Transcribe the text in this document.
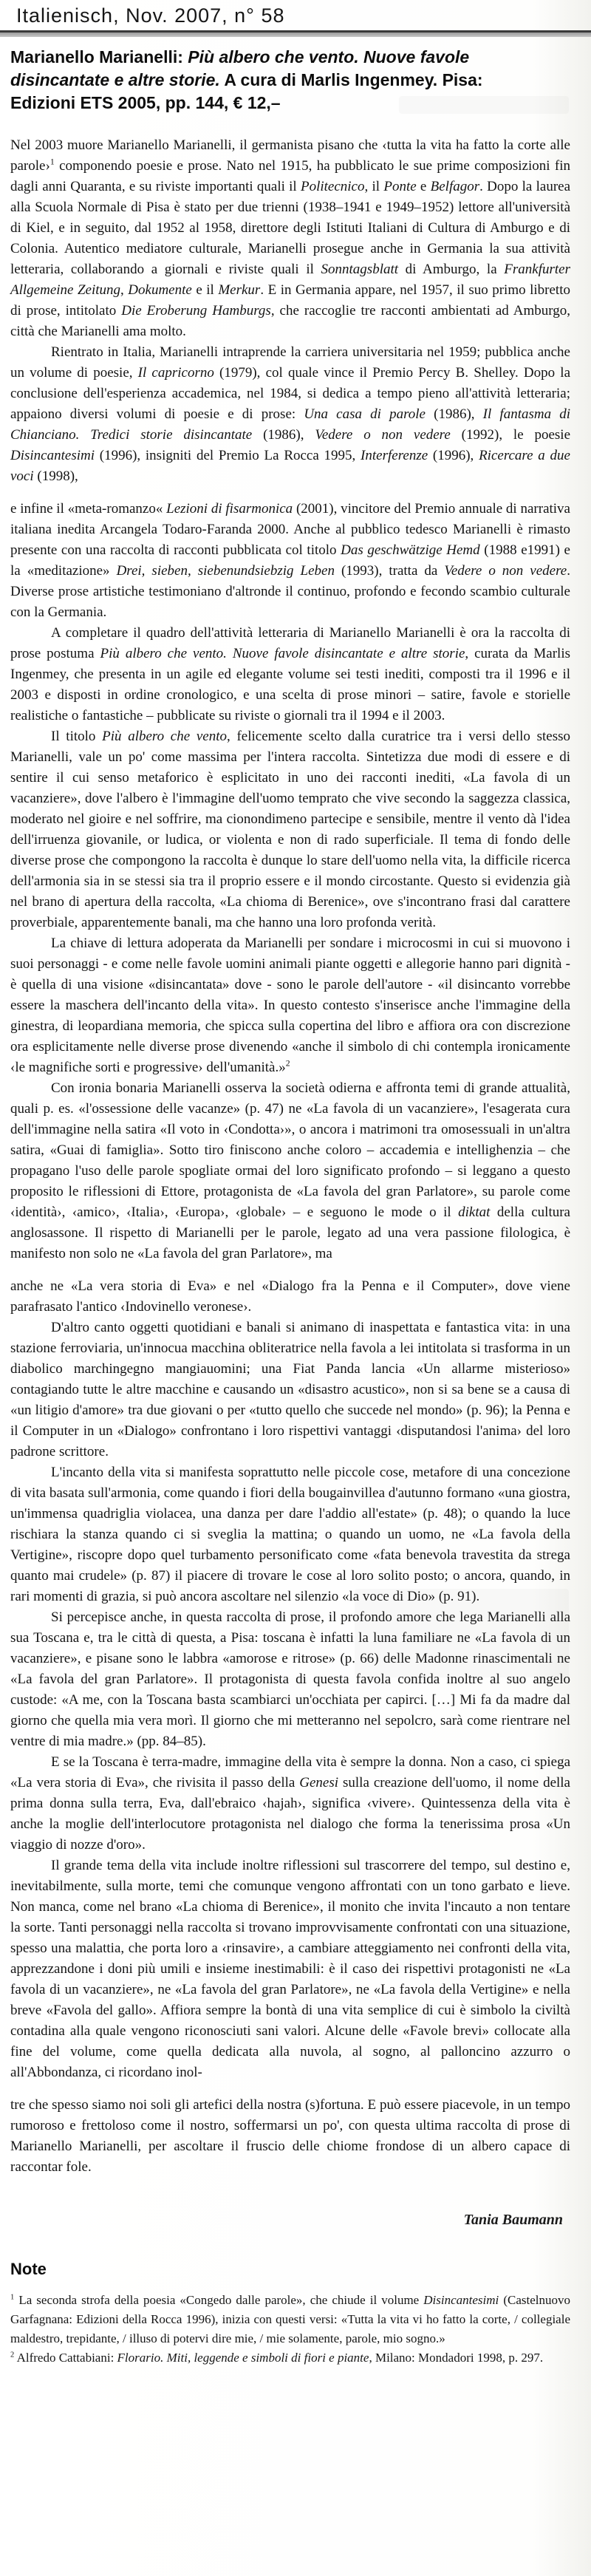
Italienisch, Nov. 2007, n° 58
Marianello Marianelli: Più albero che vento. Nuove favole disincantate e altre storie. A cura di Marlis Ingenmey. Pisa: Edizioni ETS 2005, pp. 144, € 12,–

Nel 2003 muore Marianello Marianelli, il germanista pisano che ‹tutta la vita ha fatto la corte alle parole›$^1$ componendo poesie e prose. Nato nel 1915, ha pubblicato le sue prime composizioni fin dagli anni Quaranta, e su riviste importanti quali il Politecnico, il Ponte e Belfagor. Dopo la laurea alla Scuola Normale di Pisa è stato per due trienni (1938–1941 e 1949–1952) lettore all'università di Kiel, e in seguito, dal 1952 al 1958, direttore degli Istituti Italiani di Cultura di Amburgo e di Colonia. Autentico mediatore culturale, Marianelli prosegue anche in Germania la sua attività letteraria, collaborando a giornali e riviste quali il Sonntagsblatt di Amburgo, la Frankfurter Allgemeine Zeitung, Dokumente e il Merkur. E in Germania appare, nel 1957, il suo primo libretto di prose, intitolato Die Eroberung Hamburgs, che raccoglie tre racconti ambientati ad Amburgo, città che Marianelli ama molto.

Rientrato in Italia, Marianelli intraprende la carriera universitaria nel 1959; pubblica anche un volume di poesie, Il capricorno (1979), col quale vince il Premio Percy B. Shelley. Dopo la conclusione dell'esperienza accademica, nel 1984, si dedica a tempo pieno all'attività letteraria; appaiono diversi volumi di poesie e di prose: Una casa di parole (1986), Il fantasma di Chianciano. Tredici storie disincantate (1986), Vedere o non vedere (1992), le poesie Disincantesimi (1996), insigniti del Premio La Rocca 1995, Interferenze (1996), Ricercare a due voci (1998),

e infine il «meta-romanzo« Lezioni di fisarmonica (2001), vincitore del Premio annuale di narrativa italiana inedita Arcangela Todaro-Faranda 2000. Anche al pubblico tedesco Marianelli è rimasto presente con una raccolta di racconti pubblicata col titolo Das geschwätzige Hemd (1988 e1991) e la «meditazione» Drei, sieben, siebenundsiebzig Leben (1993), tratta da Vedere o non vedere. Diverse prose artistiche testimoniano d'altronde il continuo, profondo e fecondo scambio culturale con la Germania.

A completare il quadro dell'attività letteraria di Marianello Marianelli è ora la raccolta di prose postuma Più albero che vento. Nuove favole disincantate e altre storie, curata da Marlis Ingenmey, che presenta in un agile ed elegante volume sei testi inediti, composti tra il 1996 e il 2003 e disposti in ordine cronologico, e una scelta di prose minori – satire, favole e storielle realistiche o fantastiche – pubblicate su riviste o giornali tra il 1994 e il 2003.

Il titolo Più albero che vento, felicemente scelto dalla curatrice tra i versi dello stesso Marianelli, vale un po' come massima per l'intera raccolta. Sintetizza due modi di essere e di sentire il cui senso metaforico è esplicitato in uno dei racconti inediti, «La favola di un vacanziere», dove l'albero è l'immagine dell'uomo temprato che vive secondo la saggezza classica, moderato nel gioire e nel soffrire, ma cionondimeno partecipe e sensibile, mentre il vento dà l'idea dell'irruenza giovanile, or ludica, or violenta e non di rado superficiale. Il tema di fondo delle diverse prose che compongono la raccolta è dunque lo stare dell'uomo nella vita, la difficile ricerca dell'armonia sia in se stessi sia tra il proprio essere e il mondo circostante. Questo si evidenzia già nel brano di apertura della raccolta, «La chioma di Berenice», ove s'incontrano frasi dal carattere proverbiale, apparentemente banali, ma che hanno una loro profonda verità.

La chiave di lettura adoperata da Marianelli per sondare i microcosmi in cui si muovono i suoi personaggi - e come nelle favole uomini animali piante oggetti e allegorie hanno pari dignità - è quella di una visione «disincantata» dove - sono le parole dell'autore - «il disincanto vorrebbe essere la maschera dell'incanto della vita». In questo contesto s'inserisce anche l'immagine della ginestra, di leopardiana memoria, che spicca sulla copertina del libro e affiora ora con discrezione ora esplicitamente nelle diverse prose divenendo «anche il simbolo di chi contempla ironicamente ‹le magnifiche sorti e progressive› dell'umanità.»$^2$

Con ironia bonaria Marianelli osserva la società odierna e affronta temi di grande attualità, quali p. es. «l'ossessione delle vacanze» (p. 47) ne «La favola di un vacanziere», l'esagerata cura dell'immagine nella satira «Il voto in ‹Condotta›», o ancora i matrimoni tra omosessuali in un'altra satira, «Guai di famiglia». Sotto tiro finiscono anche coloro – accademia e intellighenzia – che propagano l'uso delle parole spogliate ormai del loro significato profondo – si leggano a questo proposito le riflessioni di Ettore, protagonista de «La favola del gran Parlatore», su parole come ‹identità›, ‹amico›, ‹Italia›, ‹Europa›, ‹globale› – e seguono le mode o il diktat della cultura anglosassone. Il rispetto di Marianelli per le parole, legato ad una vera passione filologica, è manifesto non solo ne «La favola del gran Parlatore», ma

anche ne «La vera storia di Eva» e nel «Dialogo fra la Penna e il Computer», dove viene parafrasato l'antico ‹Indovinello veronese›.

D'altro canto oggetti quotidiani e banali si animano di inaspettata e fantastica vita: in una stazione ferroviaria, un'innocua macchina obliteratrice nella favola a lei intitolata si trasforma in un diabolico marchingegno mangiauomini; una Fiat Panda lancia «Un allarme misterioso» contagiando tutte le altre macchine e causando un «disastro acustico», non si sa bene se a causa di «un litigio d'amore» tra due giovani o per «tutto quello che succede nel mondo» (p. 96); la Penna e il Computer in un «Dialogo» confrontano i loro rispettivi vantaggi ‹disputandosi l'anima› del loro padrone scrittore.

L'incanto della vita si manifesta soprattutto nelle piccole cose, metafore di una concezione di vita basata sull'armonia, come quando i fiori della bougainvillea d'autunno formano «una giostra, un'immensa quadriglia violacea, una danza per dare l'addio all'estate» (p. 48); o quando la luce rischiara la stanza quando ci si sveglia la mattina; o quando un uomo, ne «La favola della Vertigine», riscopre dopo quel turbamento personificato come «fata benevola travestita da strega quanto mai crudele» (p. 87) il piacere di trovare le cose al loro solito posto; o ancora, quando, in rari momenti di grazia, si può ancora ascoltare nel silenzio «la voce di Dio» (p. 91).

Si percepisce anche, in questa raccolta di prose, il profondo amore che lega Marianelli alla sua Toscana e, tra le città di questa, a Pisa: toscana è infatti la luna familiare ne «La favola di un vacanziere», e pisane sono le labbra «amorose e ritrose» (p. 66) delle Madonne rinascimentali ne «La favola del gran Parlatore». Il protagonista di questa favola confida inoltre al suo angelo custode: «A me, con la Toscana basta scambiarci un'occhiata per capirci. […] Mi fa da madre dal giorno che quella mia vera morì. Il giorno che mi metteranno nel sepolcro, sarà come rientrare nel ventre di mia madre.» (pp. 84–85).

E se la Toscana è terra-madre, immagine della vita è sempre la donna. Non a caso, ci spiega «La vera storia di Eva», che rivisita il passo della Genesi sulla creazione dell'uomo, il nome della prima donna sulla terra, Eva, dall'ebraico ‹hajah›, significa ‹vivere›. Quintessenza della vita è anche la moglie dell'interlocutore protagonista nel dialogo che forma la tenerissima prosa «Un viaggio di nozze d'oro».

Il grande tema della vita include inoltre riflessioni sul trascorrere del tempo, sul destino e, inevitabilmente, sulla morte, temi che comunque vengono affrontati con un tono garbato e lieve. Non manca, come nel brano «La chioma di Berenice», il monito che invita l'incauto a non tentare la sorte. Tanti personaggi nella raccolta si trovano improvvisamente confrontati con una situazione, spesso una malattia, che porta loro a ‹rinsavire›, a cambiare atteggiamento nei confronti della vita, apprezzandone i doni più umili e insieme inestimabili: è il caso dei rispettivi protagonisti ne «La favola di un vacanziere», ne «La favola del gran Parlatore», ne «La favola della Vertigine» e nella breve «Favola del gallo». Affiora sempre la bontà di una vita semplice di cui è simbolo la civiltà contadina alla quale vengono riconosciuti sani valori. Alcune delle «Favole brevi» collocate alla fine del volume, come quella dedicata alla nuvola, al sogno, al palloncino azzurro o all'Abbondanza, ci ricordano inol-

tre che spesso siamo noi soli gli artefici della nostra (s)fortuna. E può essere piacevole, in un tempo rumoroso e frettoloso come il nostro, soffermarsi un po', con questa ultima raccolta di prose di Marianello Marianelli, per ascoltare il fruscio delle chiome frondose di un albero capace di raccontar fole.

Tania Baumann
Note

$^1$ La seconda strofa della poesia «Congedo dalle parole», che chiude il volume Disincantesimi (Castelnuovo Garfagnana: Edizioni della Rocca 1996), inizia con questi versi: «Tutta la vita vi ho fatto la corte, / collegiale maldestro, trepidante, / illuso di potervi dire mie, / mie solamente, parole, mio sogno.»

$^2$ Alfredo Cattabiani: Florario. Miti, leggende e simboli di fiori e piante, Milano: Mondadori 1998, p. 297.
